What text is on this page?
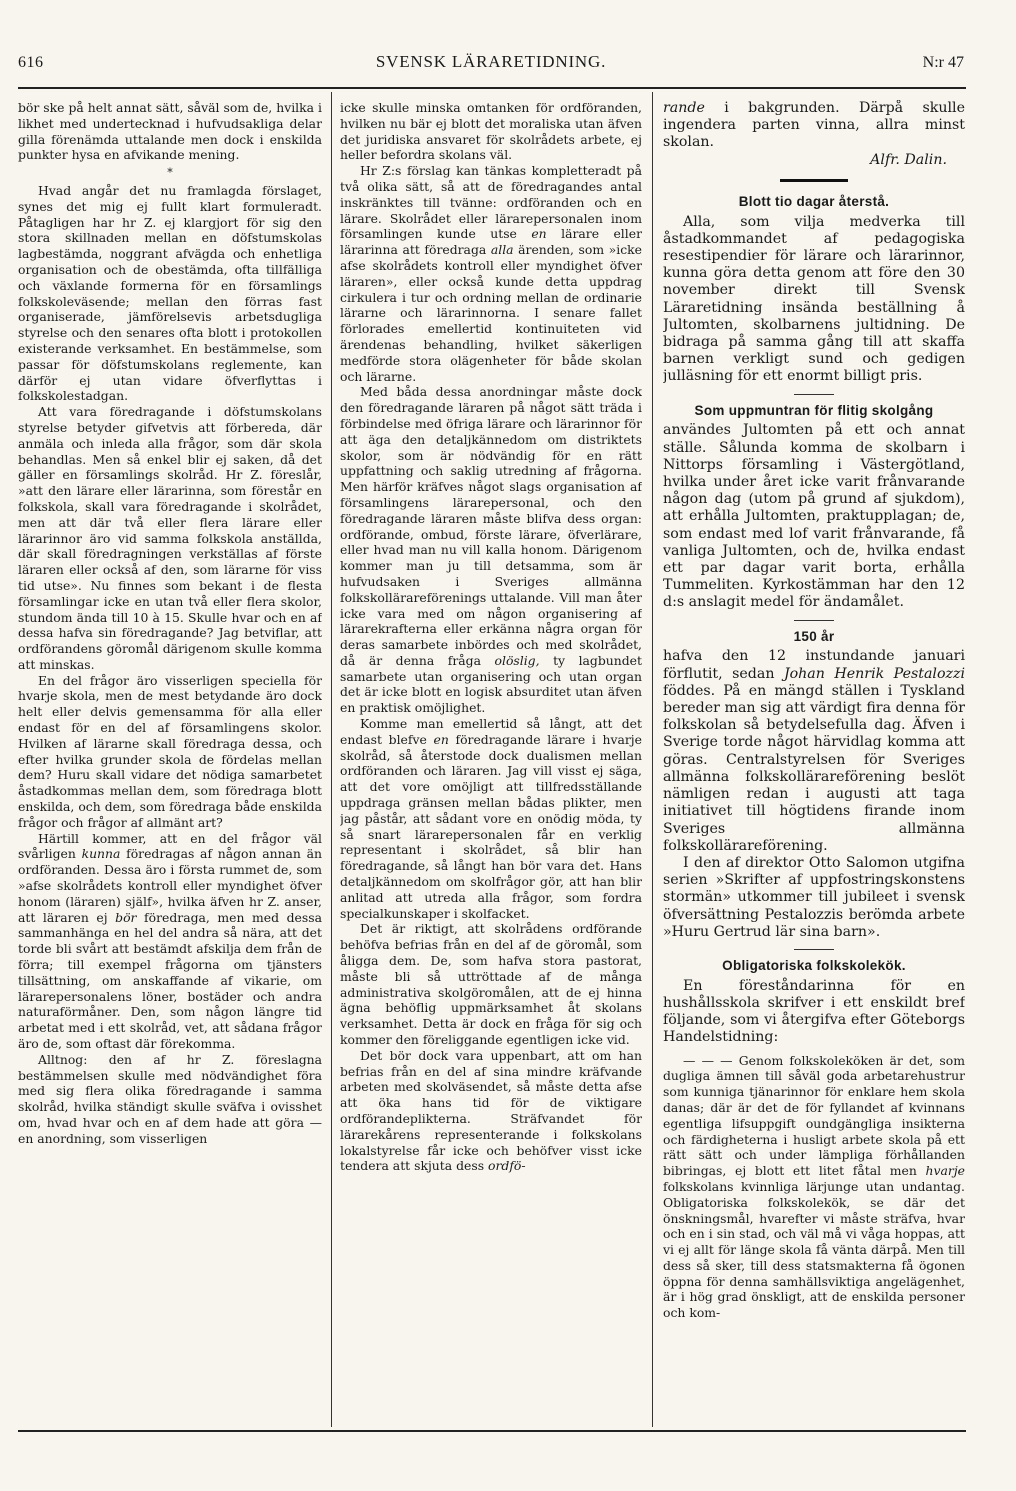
616	SVENSK LÄRARETIDNING.	N:r 47

bör ske på helt annat sätt, såväl som de, hvilka i likhet med undertecknad i hufvudsakliga delar gilla förenämda uttalande men dock i enskilda punkter hysa en afvikande mening.

*

Hvad angår det nu framlagda förslaget, synes det mig ej fullt klart formuleradt. Påtagligen har hr Z. ej klargjort för sig den stora skillnaden mellan en döfstumskolas lagbestämda, noggrant afvägda och enhetliga organisation och de obestämda, ofta tillfälliga och växlande formerna för en församlings folkskoleväsende; mellan den förras fast organiserade, jämförelsevis arbetsdugliga styrelse och den senares ofta blott i protokollen existerande verksamhet. En bestämmelse, som passar för döfstumskolans reglemente, kan därför ej utan vidare öfverflyttas i folkskolestadgan.

Att vara föredragande i döfstumskolans styrelse betyder gifvetvis att förbereda, där anmäla och inleda alla frågor, som där skola behandlas. Men så enkel blir ej saken, då det gäller en församlings skolråd. Hr Z. föreslår, »att den lärare eller lärarinna, som förestår en folkskola, skall vara föredragande i skolrådet, men att där två eller flera lärare eller lärarinnor äro vid samma folkskola anställda, där skall föredragningen verkställas af förste läraren eller också af den, som lärarne för viss tid utse». Nu finnes som bekant i de flesta församlingar icke en utan två eller flera skolor, stundom ända till 10 à 15. Skulle hvar och en af dessa hafva sin föredragande? Jag betviflar, att ordförandens göromål därigenom skulle komma att minskas.

En del frågor äro visserligen speciella för hvarje skola, men de mest betydande äro dock helt eller delvis gemensamma för alla eller endast för en del af församlingens skolor. Hvilken af lärarne skall föredraga dessa, och efter hvilka grunder skola de fördelas mellan dem? Huru skall vidare det nödiga samarbetet åstadkommas mellan dem, som föredraga blott enskilda, och dem, som föredraga både enskilda frågor och frågor af allmänt art?

Härtill kommer, att en del frågor väl svårligen kunna föredragas af någon annan än ordföranden. Dessa äro i första rummet de, som »afse skolrådets kontroll eller myndighet öfver honom (läraren) själf», hvilka äfven hr Z. anser, att läraren ej bör föredraga, men med dessa sammanhänga en hel del andra så nära, att det torde bli svårt att bestämdt afskilja dem från de förra; till exempel frågorna om tjänsters tillsättning, om anskaffande af vikarie, om lärarepersonalens löner, bostäder och andra naturaförmåner. Den, som någon längre tid arbetat med i ett skolråd, vet, att sådana frågor äro de, som oftast där förekomma.

Alltnog: den af hr Z. föreslagna bestämmelsen skulle med nödvändighet föra med sig flera olika föredragande i samma skolråd, hvilka ständigt skulle sväfva i ovisshet om, hvad hvar och en af dem hade att göra — en anordning, som visserligen

icke skulle minska omtanken för ordföranden, hvilken nu bär ej blott det moraliska utan äfven det juridiska ansvaret för skolrådets arbete, ej heller befordra skolans väl.

Hr Z:s förslag kan tänkas kompletteradt på två olika sätt, så att de föredragandes antal inskränktes till tvänne: ordföranden och en lärare. Skolrådet eller lärarepersonalen inom församlingen kunde utse en lärare eller lärarinna att föredraga alla ärenden, som »icke afse skolrådets kontroll eller myndighet öfver läraren», eller också kunde detta uppdrag cirkulera i tur och ordning mellan de ordinarie lärarne och lärarinnorna. I senare fallet förlorades emellertid kontinuiteten vid ärendenas behandling, hvilket säkerligen medförde stora olägenheter för både skolan och lärarne.

Med båda dessa anordningar måste dock den föredragande läraren på något sätt träda i förbindelse med öfriga lärare och lärarinnor för att äga den detaljkännedom om distriktets skolor, som är nödvändig för en rätt uppfattning och saklig utredning af frågorna. Men härför kräfves något slags organisation af församlingens lärarepersonal, och den föredragande läraren måste blifva dess organ: ordförande, ombud, förste lärare, öfverlärare, eller hvad man nu vill kalla honom. Därigenom kommer man ju till detsamma, som är hufvudsaken i Sveriges allmänna folkskollärareförenings uttalande. Vill man åter icke vara med om någon organisering af lärarekrafterna eller erkänna några organ för deras samarbete inbördes och med skolrådet, då är denna fråga olöslig, ty lagbundet samarbete utan organisering och utan organ det är icke blott en logisk absurditet utan äfven en praktisk omöjlighet.

Komme man emellertid så långt, att det endast blefve en föredragande lärare i hvarje skolråd, så återstode dock dualismen mellan ordföranden och läraren. Jag vill visst ej säga, att det vore omöjligt att tillfredsställande uppdraga gränsen mellan bådas plikter, men jag påstår, att sådant vore en onödig möda, ty så snart lärarepersonalen får en verklig representant i skolrådet, så blir han föredragande, så långt han bör vara det. Hans detaljkännedom om skolfrågor gör, att han blir anlitad att utreda alla frågor, som fordra specialkunskaper i skolfacket.

Det är riktigt, att skolrådens ordförande behöfva befrias från en del af de göromål, som åligga dem. De, som hafva stora pastorat, måste bli så uttröttade af de många administrativa skolgöromålen, att de ej hinna ägna behöflig uppmärksamhet åt skolans verksamhet. Detta är dock en fråga för sig och kommer den föreliggande egentligen icke vid.

Det bör dock vara uppenbart, att om han befrias från en del af sina mindre kräfvande arbeten med skolväsendet, så måste detta afse att öka hans tid för de viktigare ordförandeplikterna. Sträfvandet för lärarekårens representerande i folkskolans lokalstyrelse får icke och behöfver visst icke tendera att skjuta dess ordfö-

rande i bakgrunden. Därpå skulle ingendera parten vinna, allra minst skolan.

Alfr. Dalin.
Blott tio dagar återstå.

Alla, som vilja medverka till åstadkommandet af pedagogiska resestipendier för lärare och lärarinnor, kunna göra detta genom att före den 30 november direkt till Svensk Läraretidning insända beställning å Jultomten, skolbarnens jultidning. De bidraga på samma gång till att skaffa barnen verkligt sund och gedigen julläsning för ett enormt billigt pris.

Som uppmuntran för flitig skolgång

användes Jultomten på ett och annat ställe. Sålunda komma de skolbarn i Nittorps församling i Västergötland, hvilka under året icke varit frånvarande någon dag (utom på grund af sjukdom), att erhålla Jultomten, praktupplagan; de, som endast med lof varit frånvarande, få vanliga Jultomten, och de, hvilka endast ett par dagar varit borta, erhålla Tummeliten. Kyrkostämman har den 12 d:s anslagit medel för ändamålet.

150 år

hafva den 12 instundande januari förflutit, sedan Johan Henrik Pestalozzi föddes. På en mängd ställen i Tyskland bereder man sig att värdigt fira denna för folkskolan så betydelsefulla dag. Äfven i Sverige torde något härvidlag komma att göras. Centralstyrelsen för Sveriges allmänna folkskollärareförening beslöt nämligen redan i augusti att taga initiativet till högtidens firande inom Sveriges allmänna folkskollärareförening.

I den af direktor Otto Salomon utgifna serien »Skrifter af uppfostringskonstens stormän» utkommer till jubileet i svensk öfversättning Pestalozzis berömda arbete »Huru Gertrud lär sina barn».

Obligatoriska folkskolekök.

En föreståndarinna för en hushållsskola skrifver i ett enskildt bref följande, som vi återgifva efter Göteborgs Handelstidning:

— — — Genom folkskoleköken är det, som dugliga ämnen till såväl goda arbetarehustrur som kunniga tjänarinnor för enklare hem skola danas; där är det de för fyllandet af kvinnans egentliga lifsuppgift oundgängliga insikterna och färdigheterna i husligt arbete skola på ett rätt sätt och under lämpliga förhållanden bibringas, ej blott ett litet fåtal men hvarje folkskolans kvinnliga lärjunge utan undantag. Obligatoriska folkskolekök, se där det önskningsmål, hvarefter vi måste sträfva, hvar och en i sin stad, och väl må vi våga hoppas, att vi ej allt för länge skola få vänta därpå. Men till dess så sker, till dess statsmakterna få ögonen öppna för denna samhällsviktiga angelägenhet, är i hög grad önskligt, att de enskilda personer och kom-
